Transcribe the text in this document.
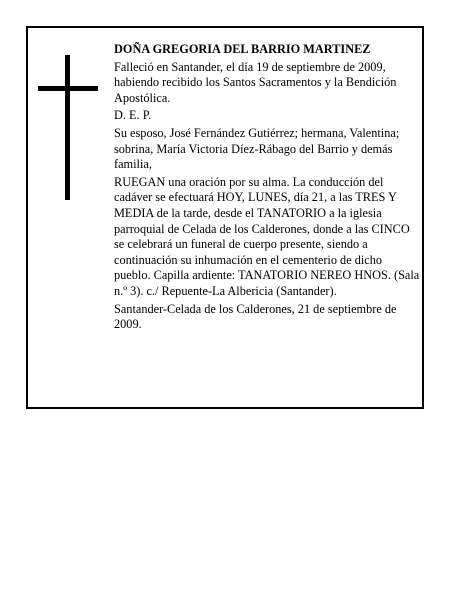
DOÑA GREGORIA DEL BARRIO MARTINEZ

Falleció en Santander, el día 19 de septiembre de 2009, habiendo recibido los Santos Sacramentos y la Bendición Apostólica.

D. E. P.

Su esposo, José Fernández Gutiérrez; hermana, Valentina; sobrina, María Victoria Díez-Rábago del Barrio y demás familia,

RUEGAN una oración por su alma. La conducción del cadáver se efectuará HOY, LUNES, día 21, a las TRES Y MEDIA de la tarde, desde el TANATORIO a la iglesia parroquial de Celada de los Calderones, donde a las CINCO se celebrará un funeral de cuerpo presente, siendo a continuación su inhumación en el cementerio de dicho pueblo. Capilla ardiente: TANATORIO NEREO HNOS. (Sala n.º 3). c./ Repuente-La Albericia (Santander).

Santander-Celada de los Calderones, 21 de septiembre de 2009.
